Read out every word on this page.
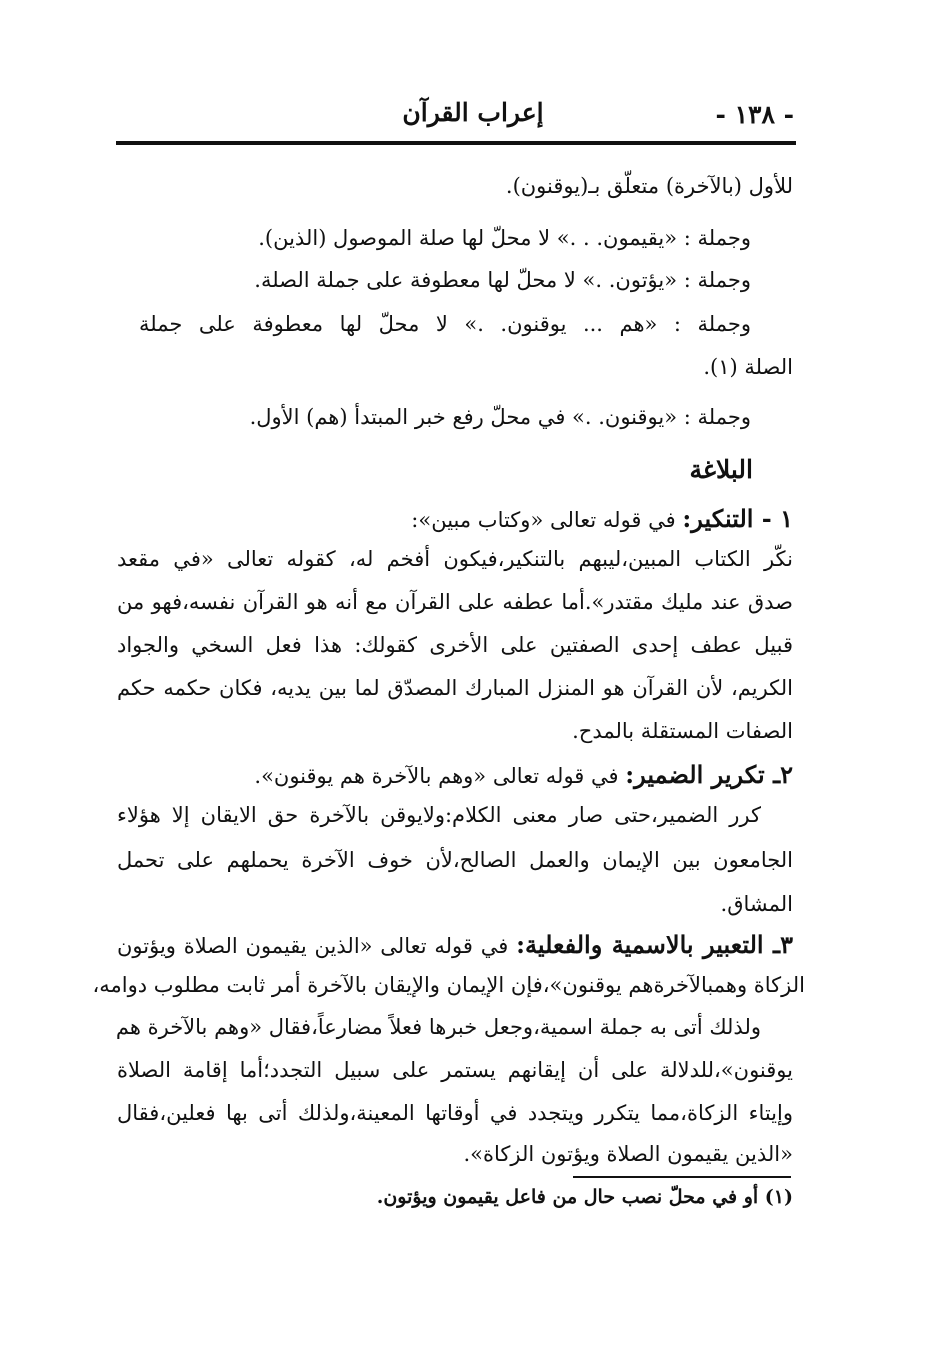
- ١٣٨ -
إعراب القرآن
للأول (بالآخرة) متعلّق بـ(يوقنون).
وجملة : «يقيمون. . .» لا محلّ لها صلة الموصول (الذين).
وجملة : «يؤتون. .» لا محلّ لها معطوفة على جملة الصلة.
وجملة : «هم ... يوقنون. .» لا محلّ لها معطوفة على جملة
الصلة (١).
وجملة : «يوقنون. .» في محلّ رفع خبر المبتدأ (هم) الأول.
البلاغة
١ - التنكير: في قوله تعالى «وكتاب مبين»:
نكّر الكتاب المبين،ليبهم بالتنكير،فيكون أفخم له، كقوله تعالى «في مقعد
صدق عند مليك مقتدر».أما عطفه على القرآن مع أنه هو القرآن نفسه،فهو من
قبيل عطف إحدى الصفتين على الأخرى كقولك: هذا فعل السخي والجواد
الكريم، لأن القرآن هو المنزل المبارك المصدّق لما بين يديه، فكان حكمه حكم
الصفات المستقلة بالمدح.
٢ـ تكرير الضمير: في قوله تعالى «وهم بالآخرة هم يوقنون».
كرر الضمير،حتى صار معنى الكلام:ولايوقن بالآخرة حق الايقان إلا هؤلاء
الجامعون بين الإيمان والعمل الصالح،لأن خوف الآخرة يحملهم على تحمل
المشاق.
٣ـ التعبير بالاسمية والفعلية: في قوله تعالى «الذين يقيمون الصلاة ويؤتون
الزكاة وهمبالآخرةهم يوقنون»،فإن الإيمان والإيقان بالآخرة أمر ثابت مطلوب دوامه،
ولذلك أتى به جملة اسمية،وجعل خبرها فعلاً مضارعاً،فقال «وهم بالآخرة هم
يوقنون»،للدلالة على أن إيقانهم يستمر على سبيل التجدد؛أما إقامة الصلاة
وإيتاء الزكاة،مما يتكرر ويتجدد في أوقاتها المعينة،ولذلك أتى بها فعلين،فقال
«الذين يقيمون الصلاة ويؤتون الزكاة».
(١) أو في محلّ نصب حال من فاعل يقيمون ويؤتون.
